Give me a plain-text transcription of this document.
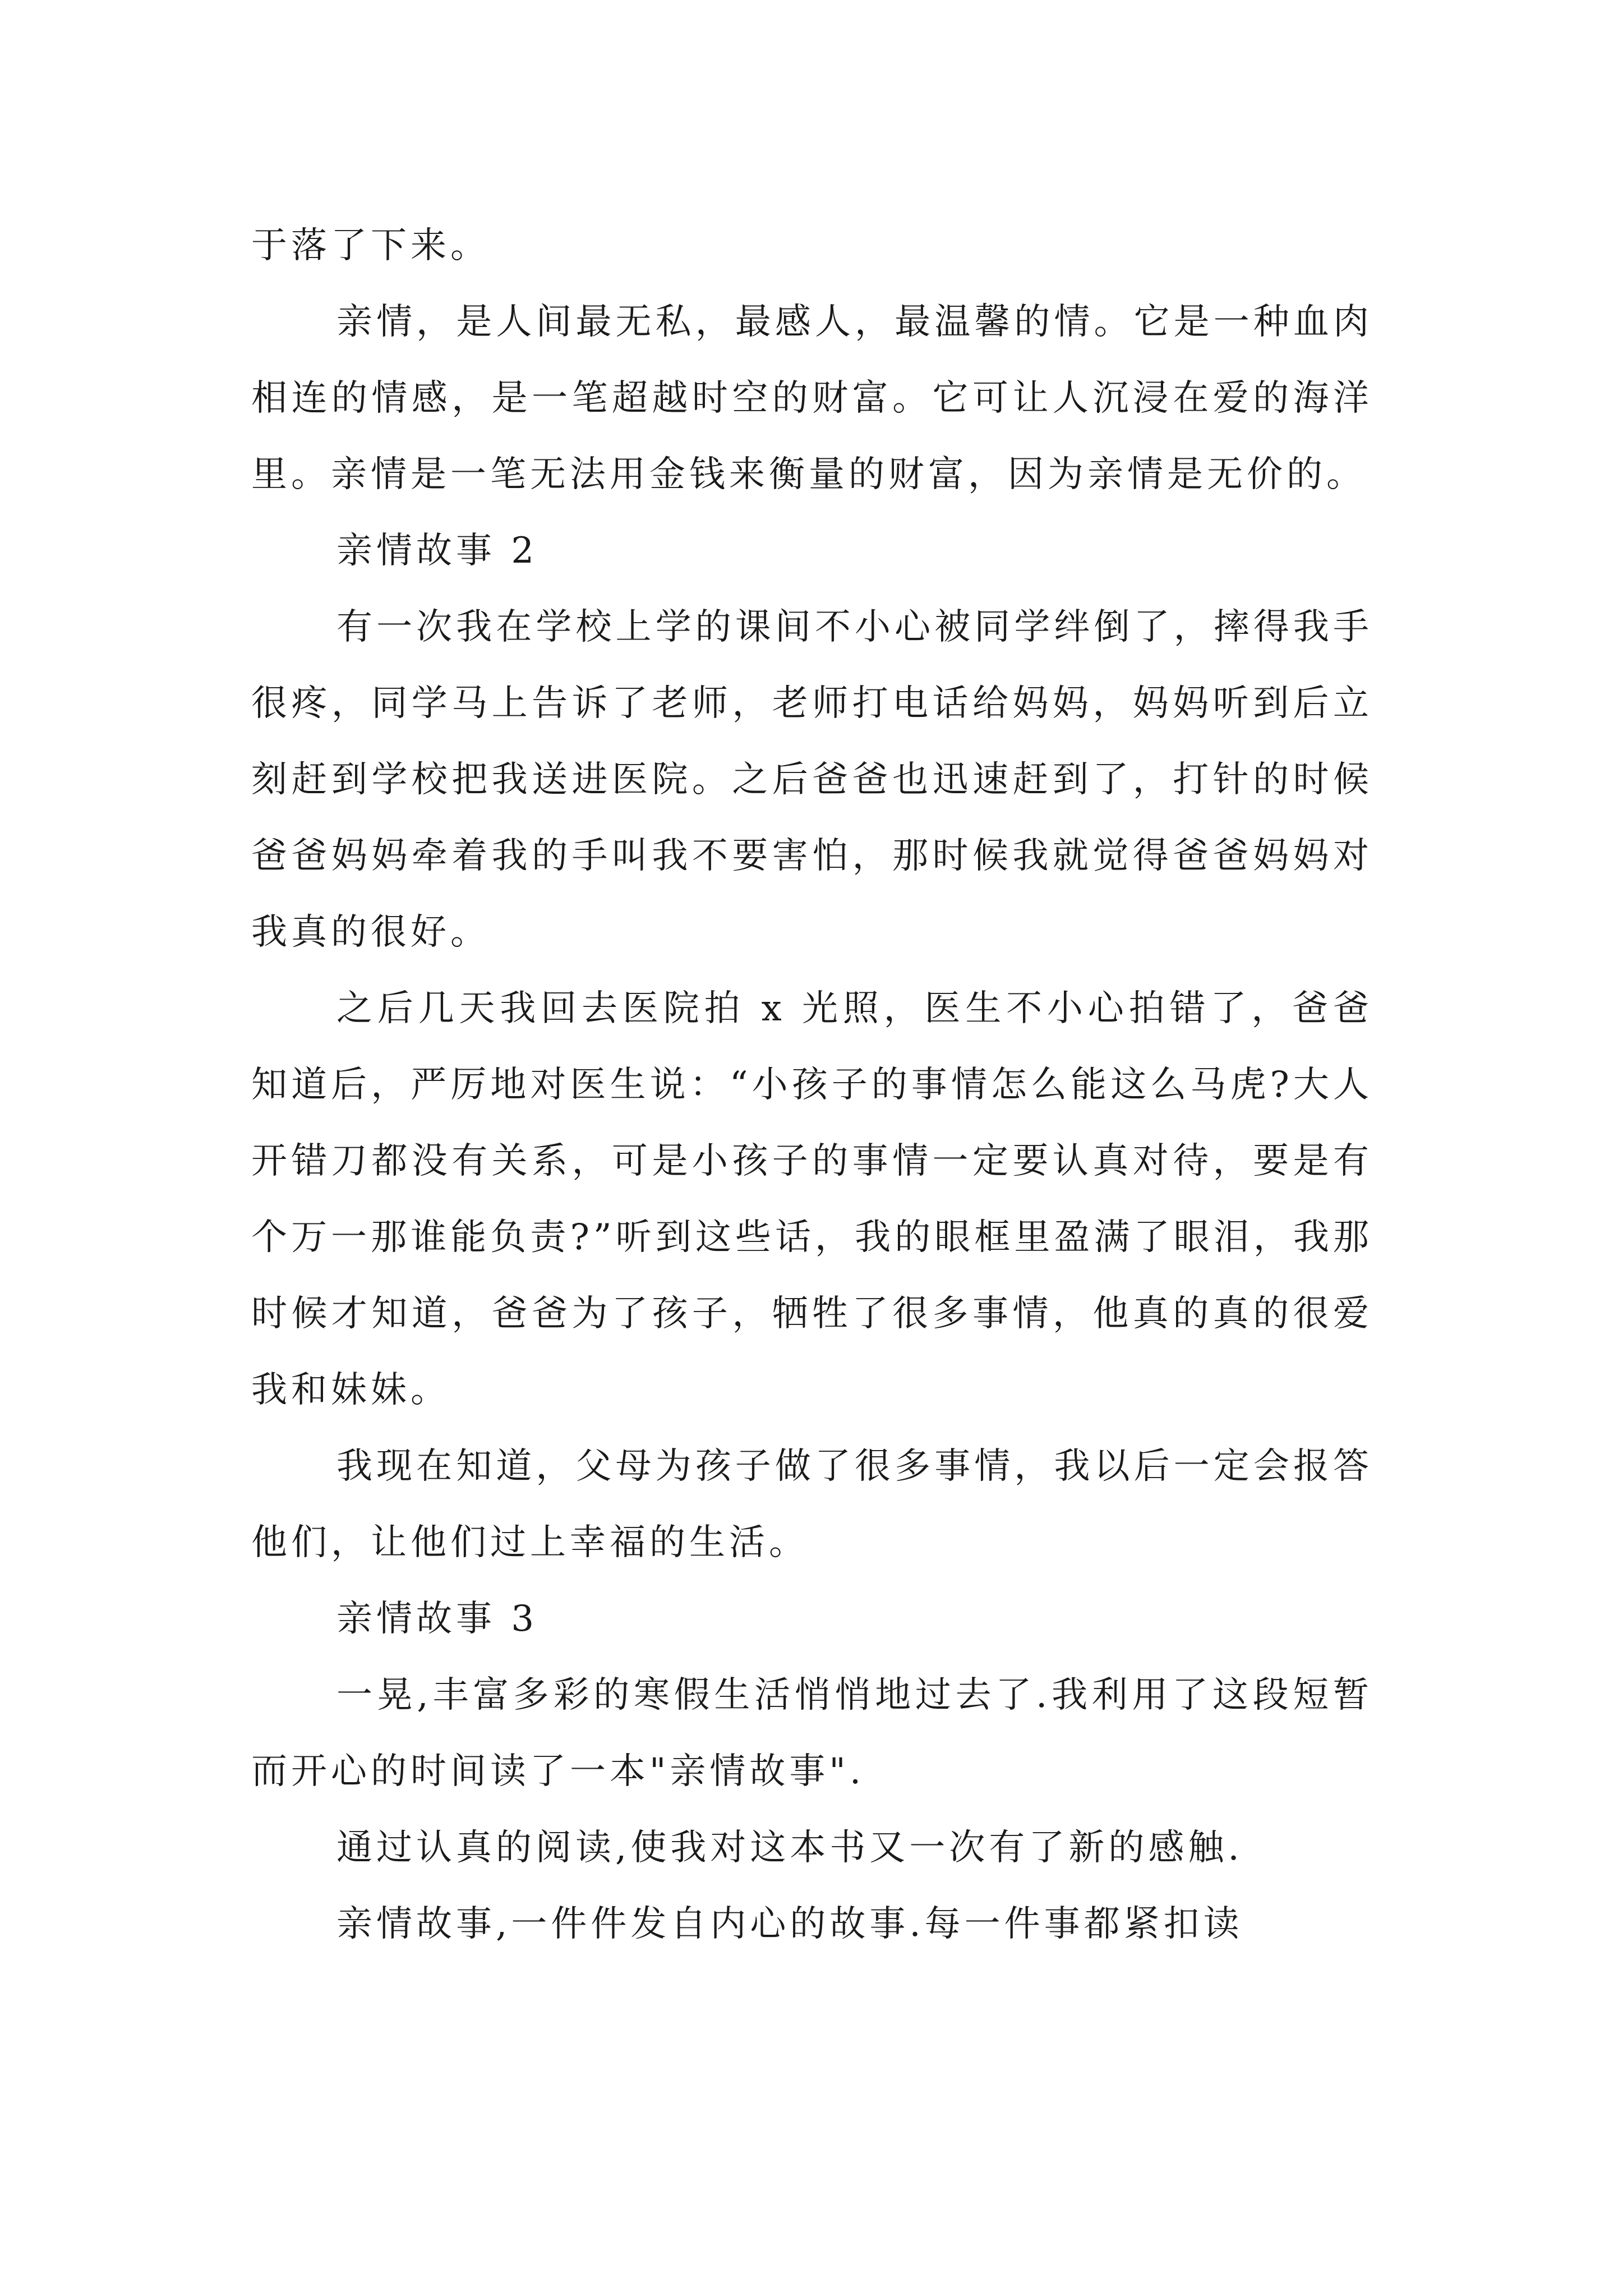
于落了下来。

亲情，是人间最无私，最感人，最温馨的情。它是一种血肉相连的情感，是一笔超越时空的财富。它可让人沉浸在爱的海洋里。亲情是一笔无法用金钱来衡量的财富，因为亲情是无价的。

亲情故事 2

有一次我在学校上学的课间不小心被同学绊倒了，摔得我手很疼，同学马上告诉了老师，老师打电话给妈妈，妈妈听到后立刻赶到学校把我送进医院。之后爸爸也迅速赶到了，打针的时候爸爸妈妈牵着我的手叫我不要害怕，那时候我就觉得爸爸妈妈对我真的很好。

之后几天我回去医院拍 x 光照，医生不小心拍错了，爸爸知道后，严厉地对医生说：“小孩子的事情怎么能这么马虎?大人开错刀都没有关系，可是小孩子的事情一定要认真对待，要是有个万一那谁能负责?”听到这些话，我的眼框里盈满了眼泪，我那时候才知道，爸爸为了孩子，牺牲了很多事情，他真的真的很爱我和妹妹。

我现在知道，父母为孩子做了很多事情，我以后一定会报答他们，让他们过上幸福的生活。

亲情故事 3

一晃,丰富多彩的寒假生活悄悄地过去了.我利用了这段短暂而开心的时间读了一本"亲情故事".

通过认真的阅读,使我对这本书又一次有了新的感触.

亲情故事,一件件发自内心的故事.每一件事都紧扣读
